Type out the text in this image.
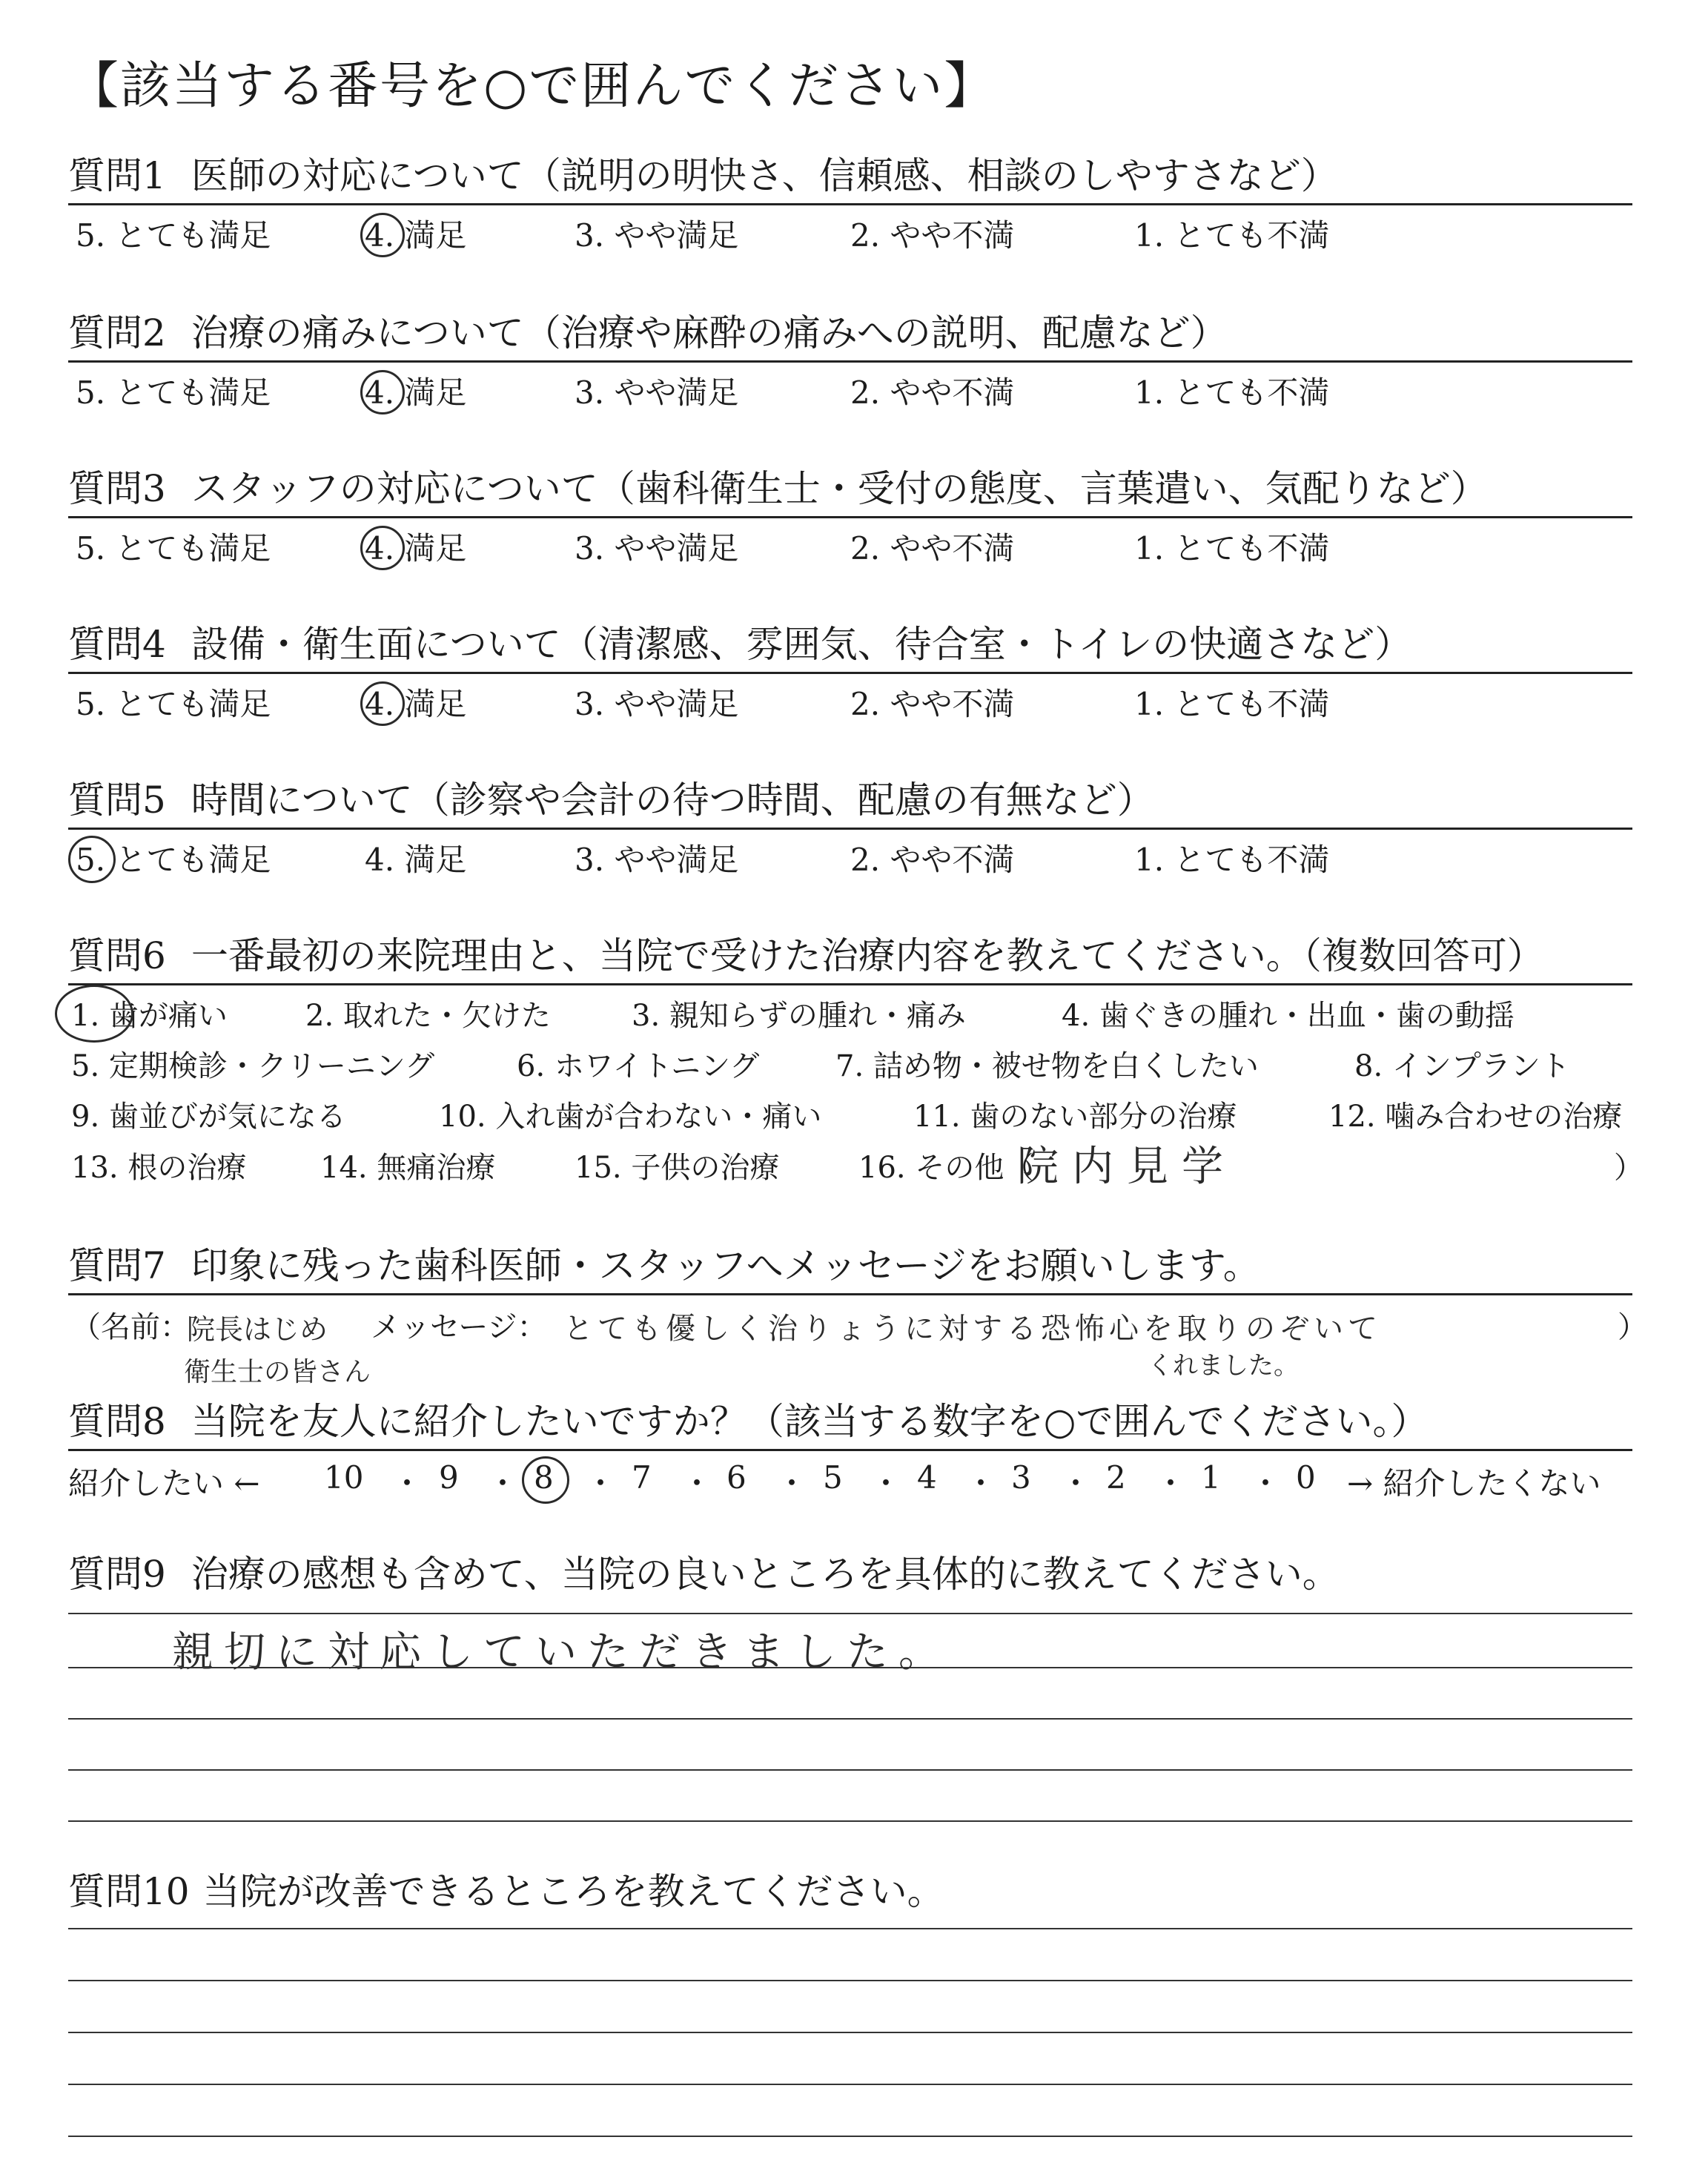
【該当する番号を○で囲んでください】
質問1 医師の対応について（説明の明快さ、信頼感、相談のしやすさなど）
5. とても満足	4. 満足	3. やや満足	2. やや不満	1. とても不満
質問2 治療の痛みについて（治療や麻酔の痛みへの説明、配慮など）
5. とても満足	4. 満足	3. やや満足	2. やや不満	1. とても不満
質問3 スタッフの対応について（歯科衛生士・受付の態度、言葉遣い、気配りなど）
5. とても満足	4. 満足	3. やや満足	2. やや不満	1. とても不満
質問4 設備・衛生面について（清潔感、雰囲気、待合室・トイレの快適さなど）
5. とても満足	4. 満足	3. やや満足	2. やや不満	1. とても不満
質問5 時間について（診察や会計の待つ時間、配慮の有無など）
5. とても満足	4. 満足	3. やや満足	2. やや不満	1. とても不満
質問6 一番最初の来院理由と、当院で受けた治療内容を教えてください。（複数回答可）
1. 歯が痛い	2. 取れた・欠けた	3. 親知らずの腫れ・痛み	4. 歯ぐきの腫れ・出血・歯の動揺
5. 定期検診・クリーニング	6. ホワイトニング	7. 詰め物・被せ物を白くしたい	8. インプラント
9. 歯並びが気になる	10. 入れ歯が合わない・痛い	11. 歯のない部分の治療	12. 噛み合わせの治療
13. 根の治療 14. 無痛治療	15. 子供の治療	16. その他（
院内見学	）
質問7 印象に残った歯科医師・スタッフへメッセージをお願いします。
（名前：
院長はじめ メッセージ： とても優しく治りょうに対する恐怖心を取りのぞいて	）
衛生士の皆さん	くれました。
質問8 当院を友人に紹介したいですか？（該当する数字を○で囲んでください。）
紹介したい ← 10 ・ 9 ・ 8 ・ 7 ・ 6 ・ 5 ・ 4 ・ 3 ・ 2 ・ 1 ・ 0 → 紹介したくない
質問9 治療の感想も含めて、当院の良いところを具体的に教えてください。
親切に対応していただきました。
質問10 当院が改善できるところを教えてください。
